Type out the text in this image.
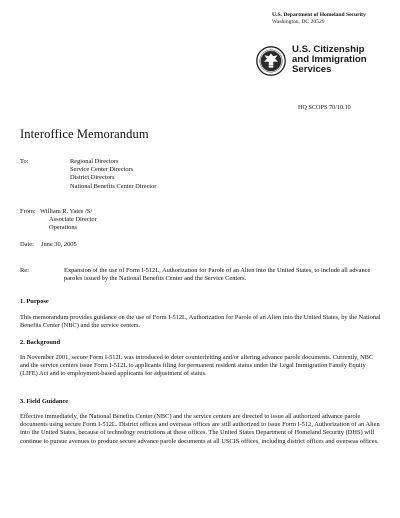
U.S. Department of Homeland Security
Washington, DC 20529
U.S. Citizenship
and Immigration
Services
HQ SCOPS 70/10.10
Interoffice Memorandum
To:	Regional Directors
Service Center Directors
District Directors
National Benefits Center Director
From: William R. Yates /S/
Associate Director
Operations
Date: June 30, 2005
Re:	Expansion of the use of Form I-512L, Authorization for Parole of an Alien into the United States, to include all advance paroles issued by the National Benefits Center and the Service Centers.
1. Purpose
This memorandum provides guidance on the use of Form I-512L, Authorization for Parole of an Alien into the United States, by the National Benefits Center (NBC) and the service centers.
2. Background
In November 2001, secure Form I-512L was introduced to deter counterfeiting and/or altering advance parole documents. Currently, NBC and the service centers issue Form I-512L to applicants filing for permanent resident status under the Legal Immigration Family Equity (LIFE) Act and to employment-based applicants for adjustment of status.
3. Field Guidance
Effective immediately, the National Benefits Center (NBC) and the service centers are directed to issue all authorized advance parole documents using secure Form I-512L. District offices and overseas offices are still authorized to issue Form I-512, Authorization of an Alien into the United States, because of technology restrictions at these offices. The United States Department of Homeland Security (DHS) will continue to pursue avenues to produce secure advance parole documents at all USCIS offices, including district offices and overseas offices.
